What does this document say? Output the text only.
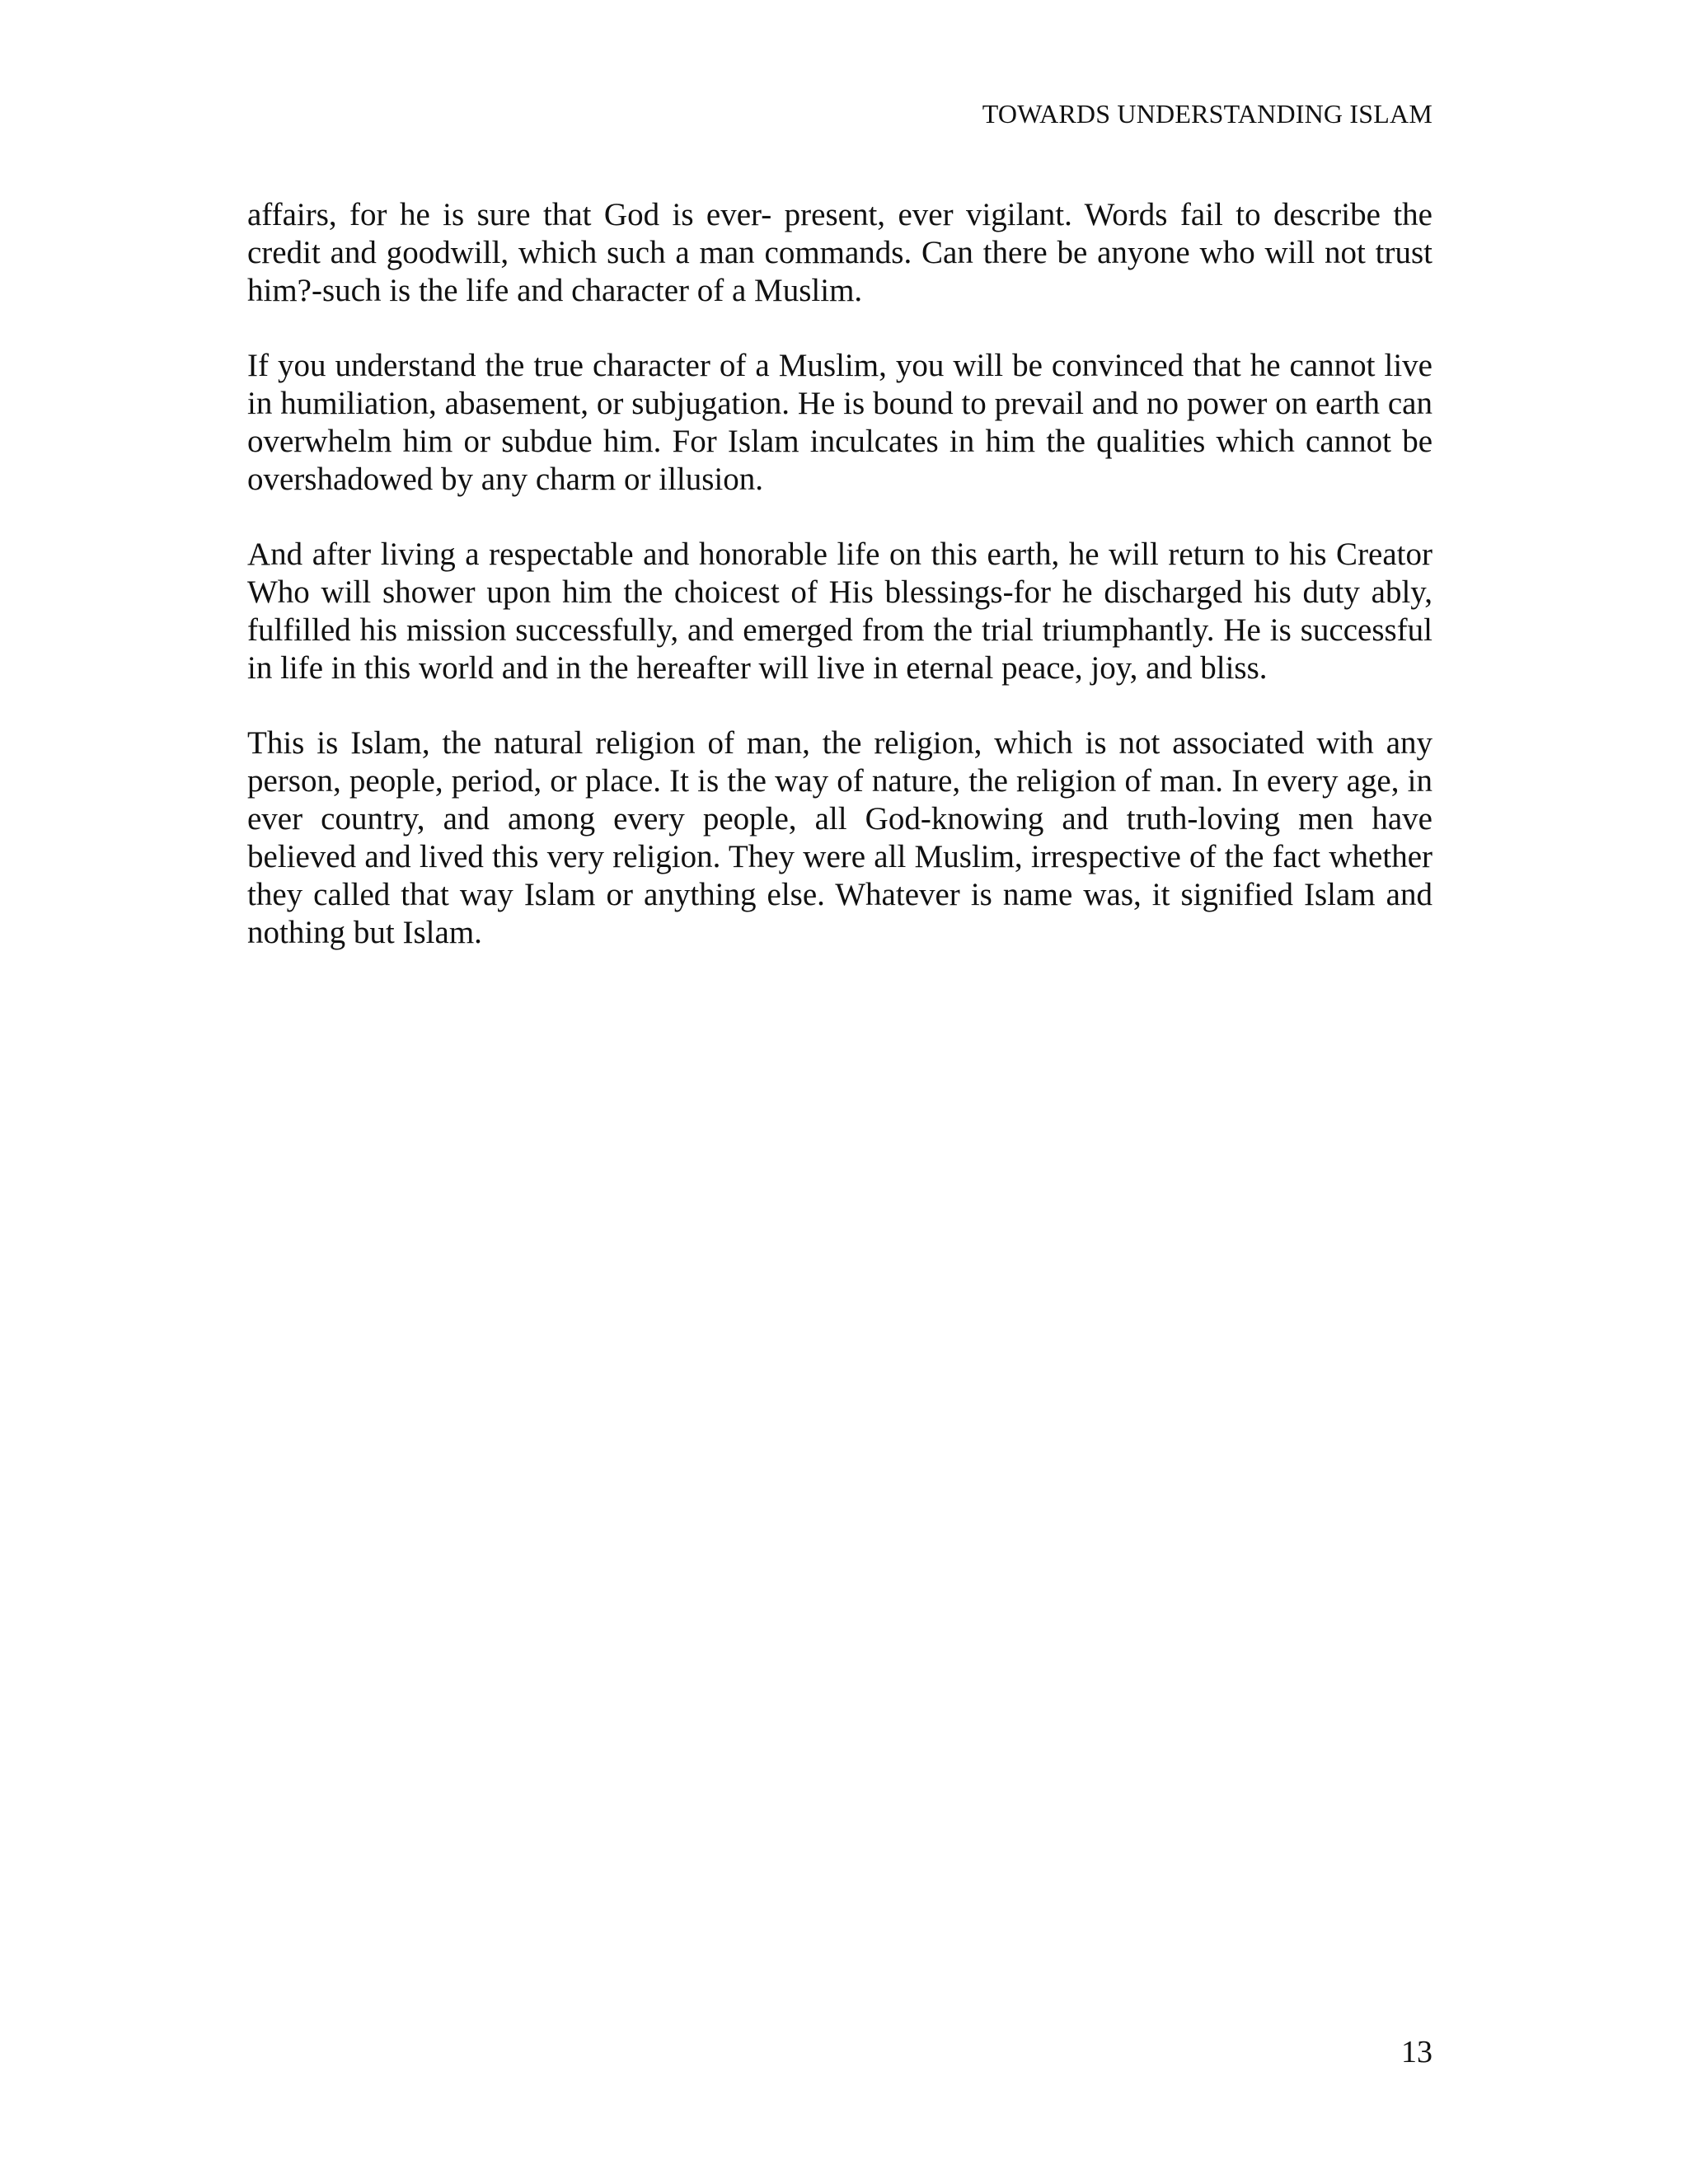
TOWARDS UNDERSTANDING ISLAM

affairs, for he is sure that God is ever- present, ever vigilant. Words fail to describe the credit and goodwill, which such a man commands. Can there be anyone who will not trust him?-such is the life and character of a Muslim.

If you understand the true character of a Muslim, you will be convinced that he cannot live in humiliation, abasement, or subjugation. He is bound to prevail and no power on earth can overwhelm him or subdue him. For Islam inculcates in him the qualities which cannot be overshadowed by any charm or illusion.

And after living a respectable and honorable life on this earth, he will return to his Creator Who will shower upon him the choicest of His blessings-for he discharged his duty ably, fulfilled his mission successfully, and emerged from the trial triumphantly. He is successful in life in this world and in the hereafter will live in eternal peace, joy, and bliss.

This is Islam, the natural religion of man, the religion, which is not associated with any person, people, period, or place. It is the way of nature, the religion of man. In every age, in ever country, and among every people, all God-knowing and truth-loving men have believed and lived this very religion. They were all Muslim, irrespective of the fact whether they called that way Islam or anything else. Whatever is name was, it signified Islam and nothing but Islam.

13
